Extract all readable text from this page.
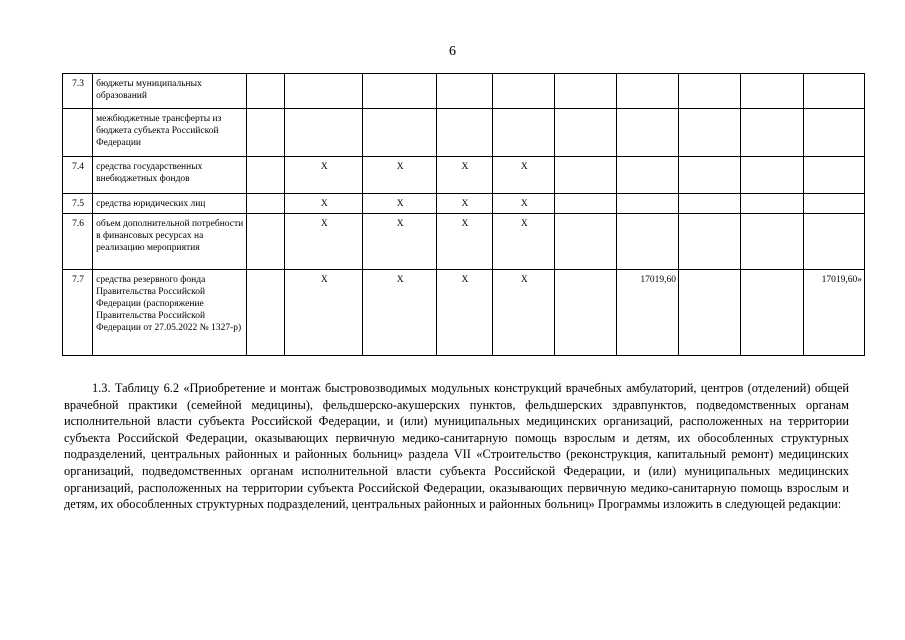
6
7.3	бюджеты муниципальных образований										
	межбюджетные трансферты из бюджета субъекта Российской Федерации										
7.4	средства государственных внебюджетных фондов		X	X	X	X					
7.5	средства юридических лиц		X	X	X	X					
7.6	объем дополнительной потребности в финансовых ресурсах на реализацию мероприятия		X	X	X	X					
7.7	средства резервного фонда Правительства Российской Федерации (распоряжение Правительства Российской Федерации от 27.05.2022 № 1327-р)		X	X	X	X		17019,60			17019,60»
1.3. Таблицу 6.2 «Приобретение и монтаж быстровозводимых модульных конструкций врачебных амбулаторий, центров (отделений) общей врачебной практики (семейной медицины), фельдшерско-акушерских пунктов, фельдшерских здравпунктов, подведомственных органам исполнительной власти субъекта Российской Федерации, и (или) муниципальных медицинских организаций, расположенных на территории субъекта Российской Федерации, оказывающих первичную медико-санитарную помощь взрослым и детям, их обособленных структурных подразделений, центральных районных и районных больниц» раздела VII «Строительство (реконструкция, капитальный ремонт) медицинских организаций, подведомственных органам исполнительной власти субъекта Российской Федерации, и (или) муниципальных медицинских организаций, расположенных на территории субъекта Российской Федерации, оказывающих первичную медико-санитарную помощь взрослым и детям, их обособленных структурных подразделений, центральных районных и районных больниц» Программы изложить в следующей редакции:
